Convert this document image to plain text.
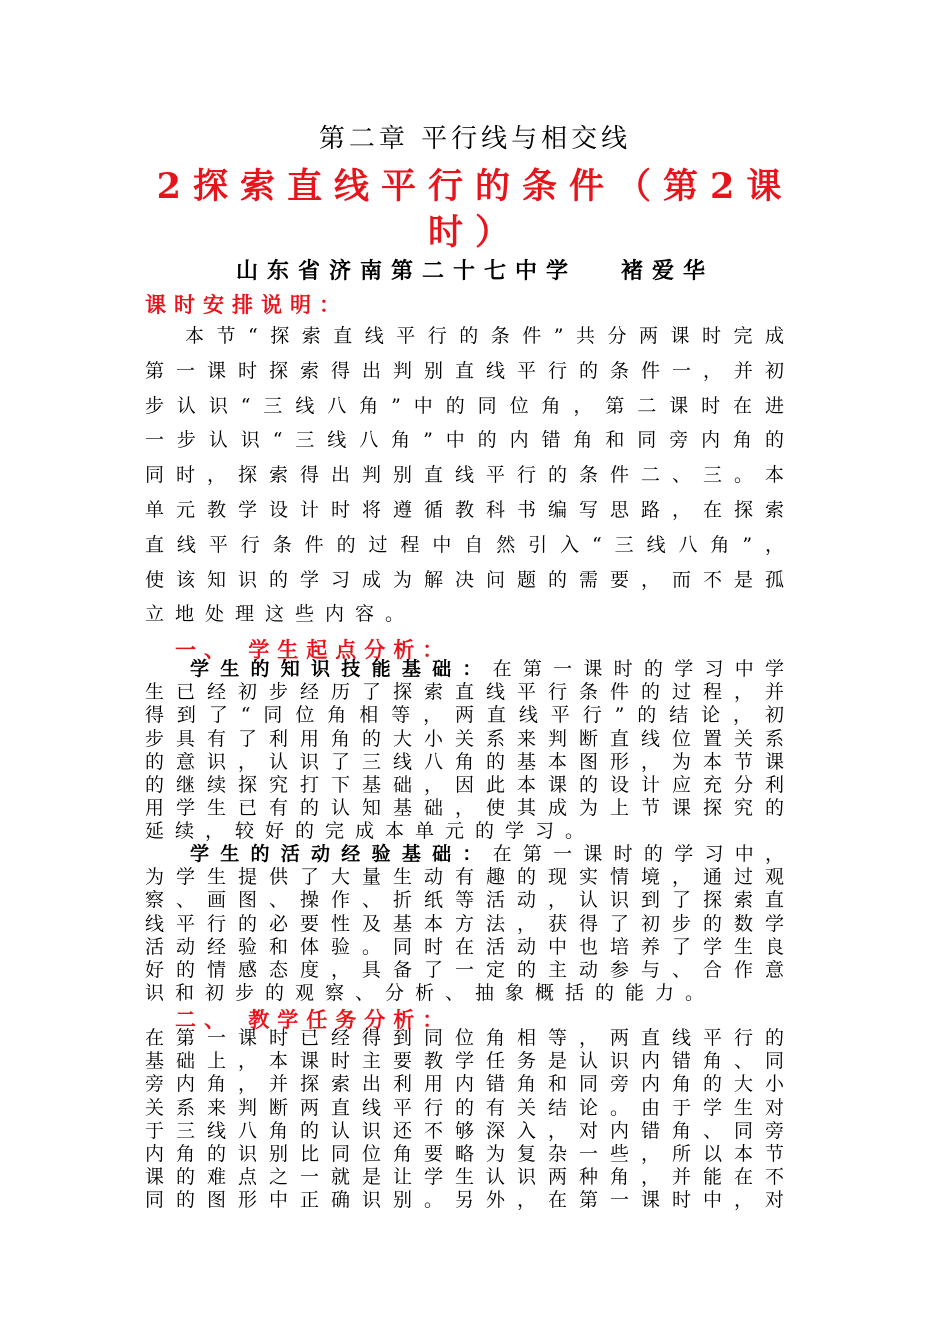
第二章 平行线与相交线
2探索直线平行的条件（第2课
时）
山东省济南第二十七中学 褚爱华
课时安排说明：
本节“探索直线平行的条件”共分两课时完成
第一课时探索得出判别直线平行的条件一，并初
步认识“三线八角”中的同位角，第二课时在进
一步认识“三线八角”中的内错角和同旁内角的
同时，探索得出判别直线平行的条件二、三。本
单元教学设计时将遵循教科书编写思路，在探索
直线平行条件的过程中自然引入“三线八角”，
使该知识的学习成为解决问题的需要，而不是孤
立地处理这些内容。
一、 学生起点分析：
学生的知识技能基础：在第一课时的学习中学
生已经初步经历了探索直线平行条件的过程，并
得到了“同位角相等，两直线平行”的结论，初
步具有了利用角的大小关系来判断直线位置关系
的意识，认识了三线八角的基本图形，为本节课
的继续探究打下基础，因此本课的设计应充分利
用学生已有的认知基础，使其成为上节课探究的
延续，较好的完成本单元的学习。
学生的活动经验基础：在第一课时的学习中，
为学生提供了大量生动有趣的现实情境，通过观
察、画图、操作、折纸等活动，认识到了探索直
线平行的必要性及基本方法，获得了初步的数学
活动经验和体验。同时在活动中也培养了学生良
好的情感态度，具备了一定的主动参与、合作意
识和初步的观察、分析、抽象概括的能力。
二、 教学任务分析：
在第一课时已经得到同位角相等，两直线平行的
基础上，本课时主要教学任务是认识内错角、同
旁内角，并探索出利用内错角和同旁内角的大小
关系来判断两直线平行的有关结论。由于学生对
于三线八角的认识还不够深入，对内错角、同旁
内角的识别比同位角要略为复杂一些，所以本节
课的难点之一就是让学生认识两种角，并能在不
同的图形中正确识别。另外，在第一课时中，对
